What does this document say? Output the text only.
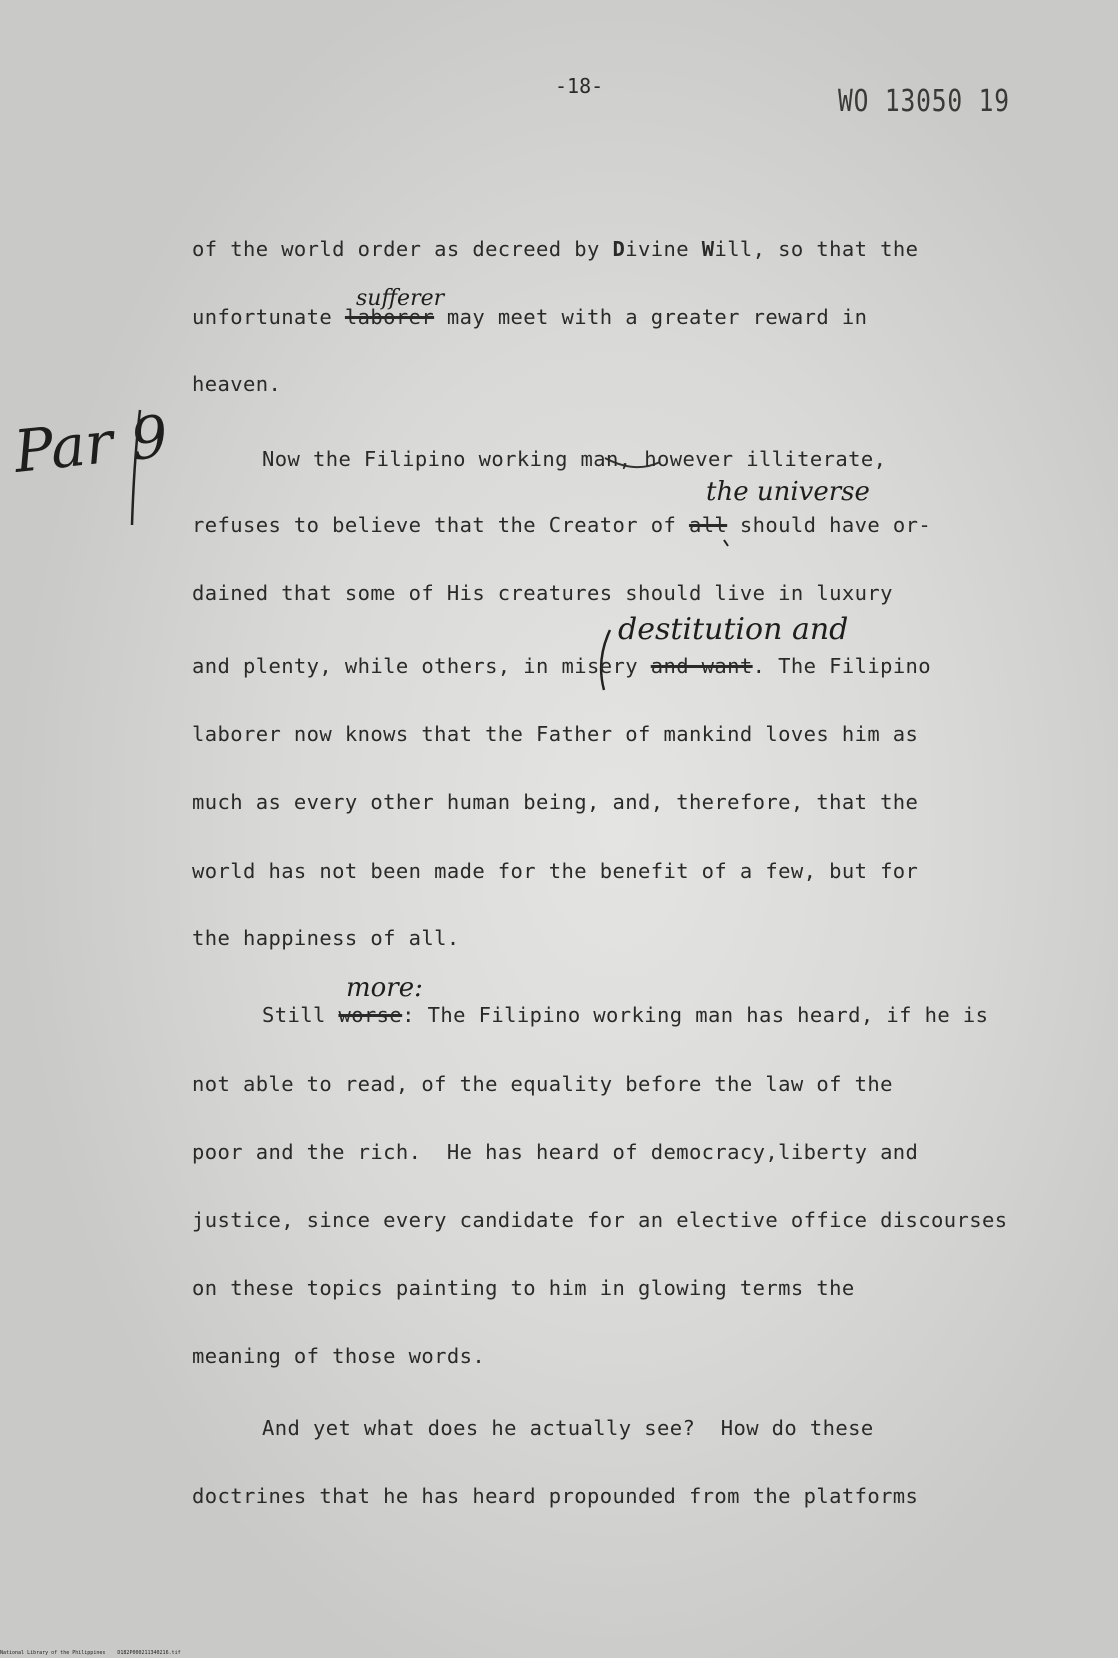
-18-	WO 13050 19
Par 9
of the world order as decreed by Divine Will, so that the
sufferer
unfortunate laborer may meet with a greater reward in
heaven.
Now the Filipino working man, however illiterate,
the universe
refuses to believe that the Creator of all should have or-
dained that some of His creatures should live in luxury
destitution and
and plenty, while others, in misery and want. The Filipino
laborer now knows that the Father of mankind loves him as
much as every other human being, and, therefore, that the
world has not been made for the benefit of a few, but for
the happiness of all.
more:
Still worse: The Filipino working man has heard, if he is
not able to read, of the equality before the law of the
poor and the rich.  He has heard of democracy,liberty and
justice, since every candidate for an elective office discourses
on these topics painting to him in glowing terms the
meaning of those words.
And yet what does he actually see?  How do these
doctrines that he has heard propounded from the platforms
National Library of the Philippines    D182P000211340216.tif
